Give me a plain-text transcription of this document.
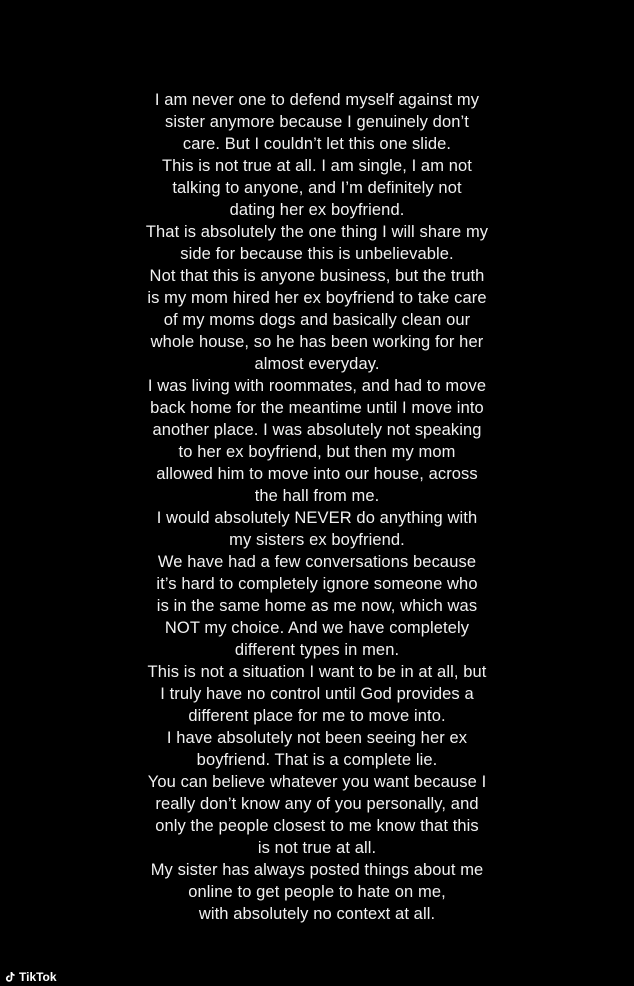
I am never one to defend myself against my
sister anymore because I genuinely don’t
care. But I couldn’t let this one slide.
This is not true at all. I am single, I am not
talking to anyone, and I’m definitely not
dating her ex boyfriend.
That is absolutely the one thing I will share my
side for because this is unbelievable.
Not that this is anyone business, but the truth
is my mom hired her ex boyfriend to take care
of my moms dogs and basically clean our
whole house, so he has been working for her
almost everyday.
I was living with roommates, and had to move
back home for the meantime until I move into
another place. I was absolutely not speaking
to her ex boyfriend, but then my mom
allowed him to move into our house, across
the hall from me.
I would absolutely NEVER do anything with
my sisters ex boyfriend.
We have had a few conversations because
it’s hard to completely ignore someone who
is in the same home as me now, which was
NOT my choice. And we have completely
different types in men.
This is not a situation I want to be in at all, but
I truly have no control until God provides a
different place for me to move into.
I have absolutely not been seeing her ex
boyfriend. That is a complete lie.
You can believe whatever you want because I
really don’t know any of you personally, and
only the people closest to me know that this
is not true at all.
My sister has always posted things about me
online to get people to hate on me,
with absolutely no context at all.

TikTok
